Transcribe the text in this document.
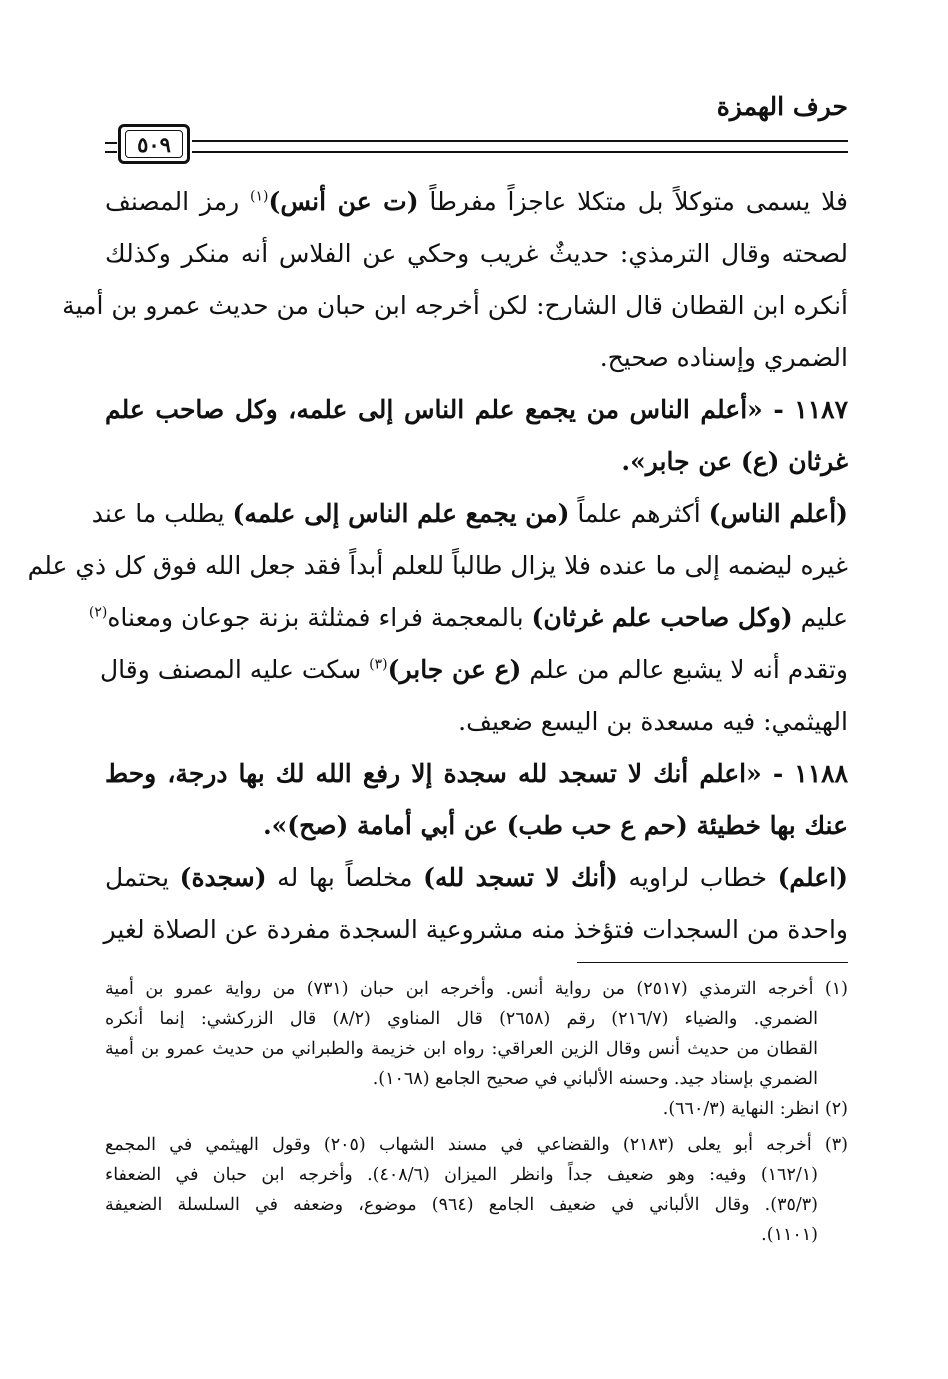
حرف الهمزة
٥٠٩
فلا يسمى متوكلاً بل متكلا عاجزاً مفرطاً (ت عن أنس)$^{(١)}$ رمز المصنف
لصحته وقال الترمذي: حديثٌ غريب وحكي عن الفلاس أنه منكر وكذلك
أنكره ابن القطان قال الشارح: لكن أخرجه ابن حبان من حديث عمرو بن أمية
الضمري وإسناده صحيح.
١١٨٧ - «أعلم الناس من يجمع علم الناس إلى علمه، وكل صاحب علم
غرثان (ع) عن جابر».
(أعلم الناس) أكثرهم علماً (من يجمع علم الناس إلى علمه) يطلب ما عند
غيره ليضمه إلى ما عنده فلا يزال طالباً للعلم أبداً فقد جعل الله فوق كل ذي علم
عليم (وكل صاحب علم غرثان) بالمعجمة فراء فمثلثة بزنة جوعان ومعناه$^{(٢)}$
وتقدم أنه لا يشبع عالم من علم (ع عن جابر)$^{(٣)}$ سكت عليه المصنف وقال
الهيثمي: فيه مسعدة بن اليسع ضعيف.
١١٨٨ - «اعلم أنك لا تسجد لله سجدة إلا رفع الله لك بها درجة، وحط
عنك بها خطيئة (حم ع حب طب) عن أبي أمامة (صح)».
(اعلم) خطاب لراويه (أنك لا تسجد لله) مخلصاً بها له (سجدة) يحتمل
واحدة من السجدات فتؤخذ منه مشروعية السجدة مفردة عن الصلاة لغير
(١) أخرجه الترمذي (٢٥١٧) من رواية أنس. وأخرجه ابن حبان (٧٣١) من رواية عمرو بن أمية
الضمري. والضياء (٢١٦/٧) رقم (٢٦٥٨) قال المناوي (٨/٢) قال الزركشي: إنما أنكره
القطان من حديث أنس وقال الزين العراقي: رواه ابن خزيمة والطبراني من حديث عمرو بن أمية
الضمري بإسناد جيد. وحسنه الألباني في صحيح الجامع (١٠٦٨).
(٢) انظر: النهاية (٦٦٠/٣).
(٣) أخرجه أبو يعلى (٢١٨٣) والقضاعي في مسند الشهاب (٢٠٥) وقول الهيثمي في المجمع
(١٦٢/١) وفيه: وهو ضعيف جداً وانظر الميزان (٤٠٨/٦). وأخرجه ابن حبان في الضعفاء
(٣٥/٣). وقال الألباني في ضعيف الجامع (٩٦٤) موضوع، وضعفه في السلسلة الضعيفة
(١١٠١).
